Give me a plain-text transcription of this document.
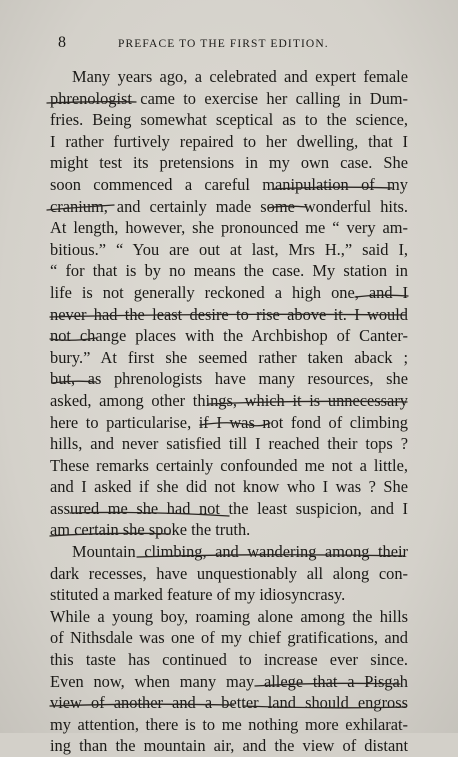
8	PREFACE TO THE FIRST EDITION.
Many years ago, a celebrated and expert female
phrenologist came to exercise her calling in Dum-
fries. Being somewhat sceptical as to the science,
I rather furtively repaired to her dwelling, that I
might test its pretensions in my own case. She
soon commenced a careful manipulation of my
cranium, and certainly made some wonderful hits.
At length, however, she pronounced me “ very am-
bitious.” “ You are out at last, Mrs H.,” said I,
“ for that is by no means the case. My station in
life is not generally reckoned a high one, and I
never had the least desire to rise above it. I would
not change places with the Archbishop of Canter-
bury.” At first she seemed rather taken aback ;
but, as phrenologists have many resources, she
asked, among other things, which it is unnecessary
here to particularise, if I was not fond of climbing
hills, and never satisfied till I reached their tops ?
These remarks certainly confounded me not a little,
and I asked if she did not know who I was ? She
assured me she had not the least suspicion, and I
am certain she spoke the truth.
Mountain climbing, and wandering among their
dark recesses, have unquestionably all along con-
stituted a marked feature of my idiosyncrasy.
While a young boy, roaming alone among the hills
of Nithsdale was one of my chief gratifications, and
this taste has continued to increase ever since.
Even now, when many may allege that a Pisgah
view of another and a better land should engross
my attention, there is to me nothing more exhilarat-
ing than the mountain air, and the view of distant
